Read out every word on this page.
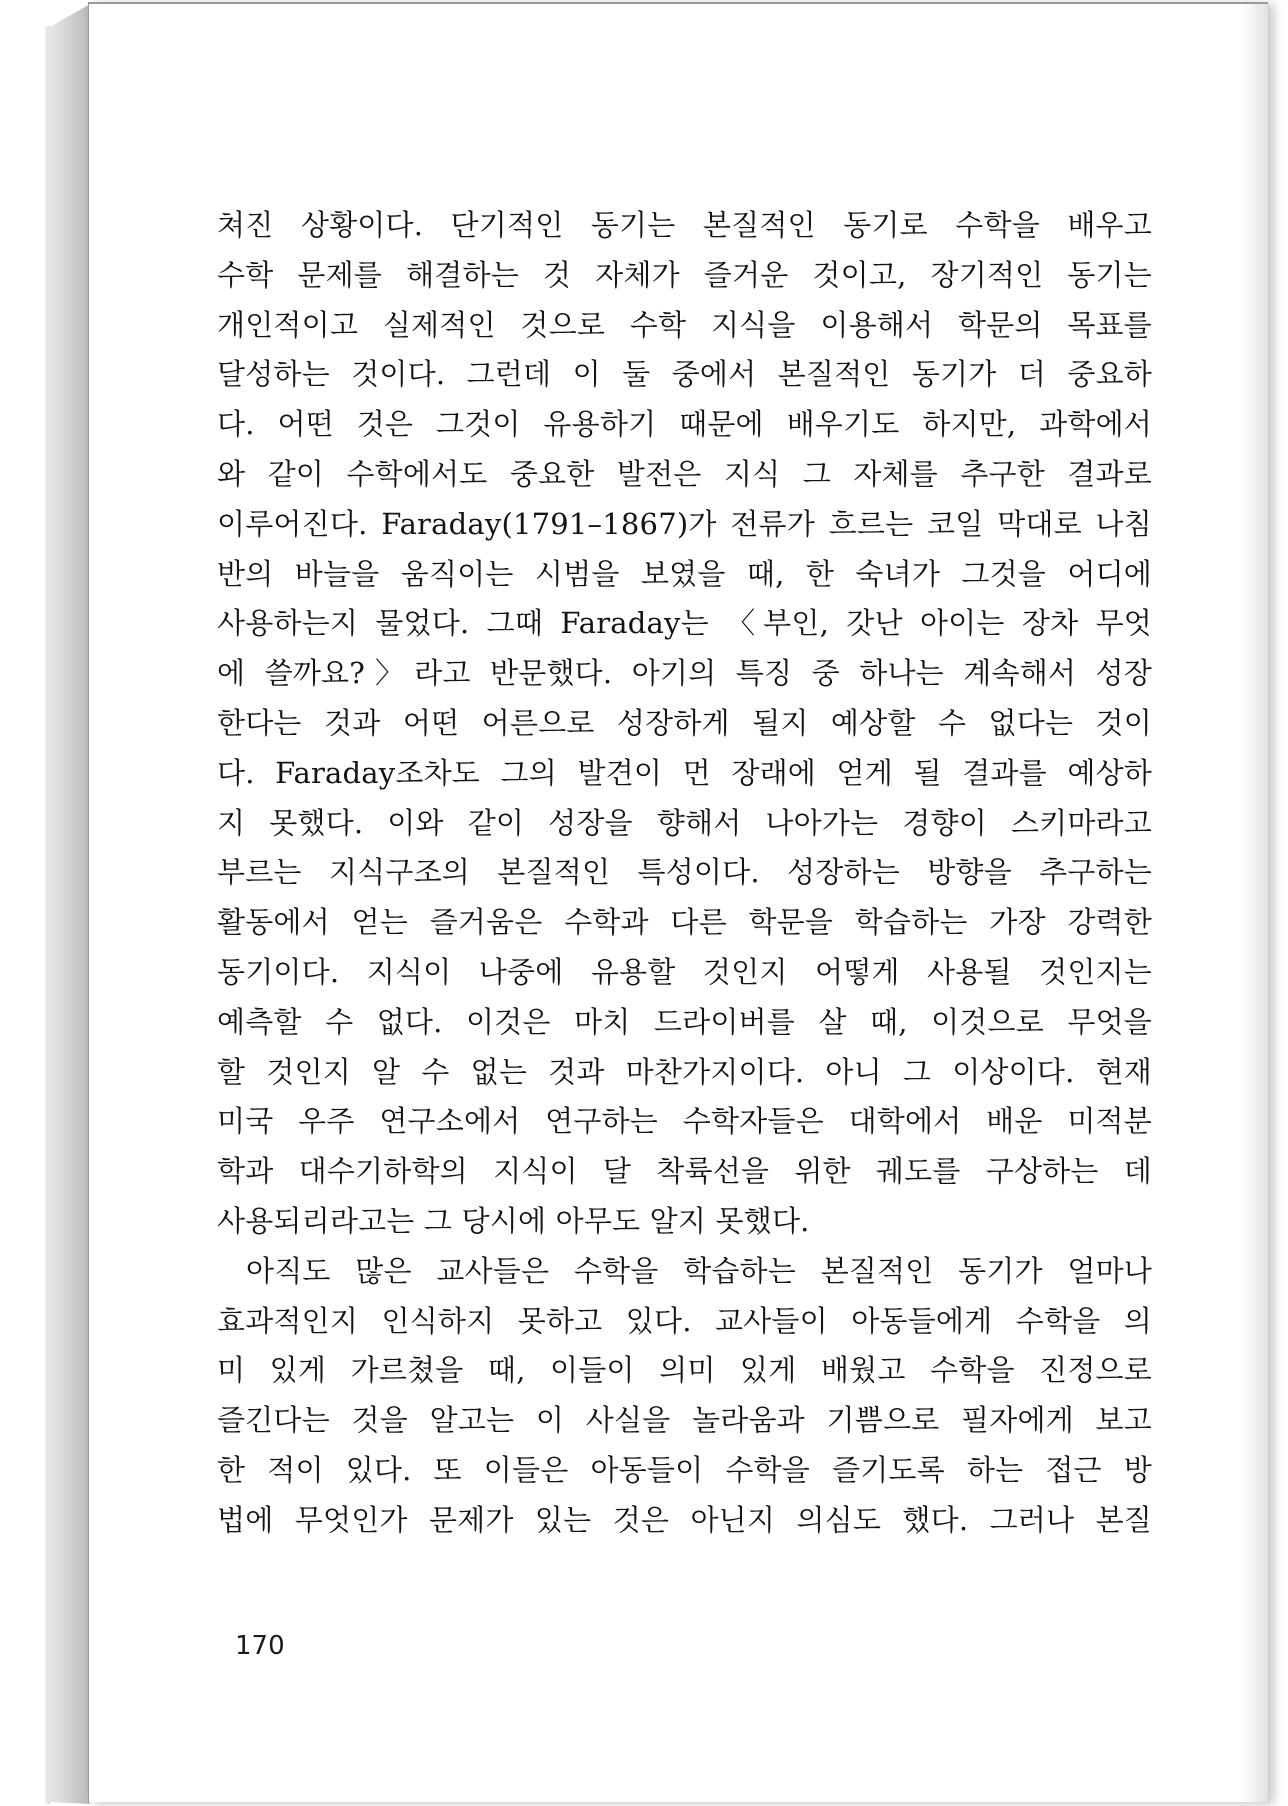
쳐진 상황이다. 단기적인 동기는 본질적인 동기로 수학을 배우고
수학 문제를 해결하는 것 자체가 즐거운 것이고, 장기적인 동기는
개인적이고 실제적인 것으로 수학 지식을 이용해서 학문의 목표를
달성하는 것이다. 그런데 이 둘 중에서 본질적인 동기가 더 중요하
다. 어떤 것은 그것이 유용하기 때문에 배우기도 하지만, 과학에서
와 같이 수학에서도 중요한 발전은 지식 그 자체를 추구한 결과로
이루어진다. Faraday(1791–1867)가 전류가 흐르는 코일 막대로 나침
반의 바늘을 움직이는 시범을 보였을 때, 한 숙녀가 그것을 어디에
사용하는지 물었다. 그때 Faraday는 〈부인, 갓난 아이는 장차 무엇
에 쓸까요?〉라고 반문했다. 아기의 특징 중 하나는 계속해서 성장
한다는 것과 어떤 어른으로 성장하게 될지 예상할 수 없다는 것이
다. Faraday조차도 그의 발견이 먼 장래에 얻게 될 결과를 예상하
지 못했다. 이와 같이 성장을 향해서 나아가는 경향이 스키마라고
부르는 지식구조의 본질적인 특성이다. 성장하는 방향을 추구하는
활동에서 얻는 즐거움은 수학과 다른 학문을 학습하는 가장 강력한
동기이다. 지식이 나중에 유용할 것인지 어떻게 사용될 것인지는
예측할 수 없다. 이것은 마치 드라이버를 살 때, 이것으로 무엇을
할 것인지 알 수 없는 것과 마찬가지이다. 아니 그 이상이다. 현재
미국 우주 연구소에서 연구하는 수학자들은 대학에서 배운 미적분
학과 대수기하학의 지식이 달 착륙선을 위한 궤도를 구상하는 데
사용되리라고는 그 당시에 아무도 알지 못했다.
아직도 많은 교사들은 수학을 학습하는 본질적인 동기가 얼마나
효과적인지 인식하지 못하고 있다. 교사들이 아동들에게 수학을 의
미 있게 가르쳤을 때, 이들이 의미 있게 배웠고 수학을 진정으로
즐긴다는 것을 알고는 이 사실을 놀라움과 기쁨으로 필자에게 보고
한 적이 있다. 또 이들은 아동들이 수학을 즐기도록 하는 접근 방
법에 무엇인가 문제가 있는 것은 아닌지 의심도 했다. 그러나 본질
170
